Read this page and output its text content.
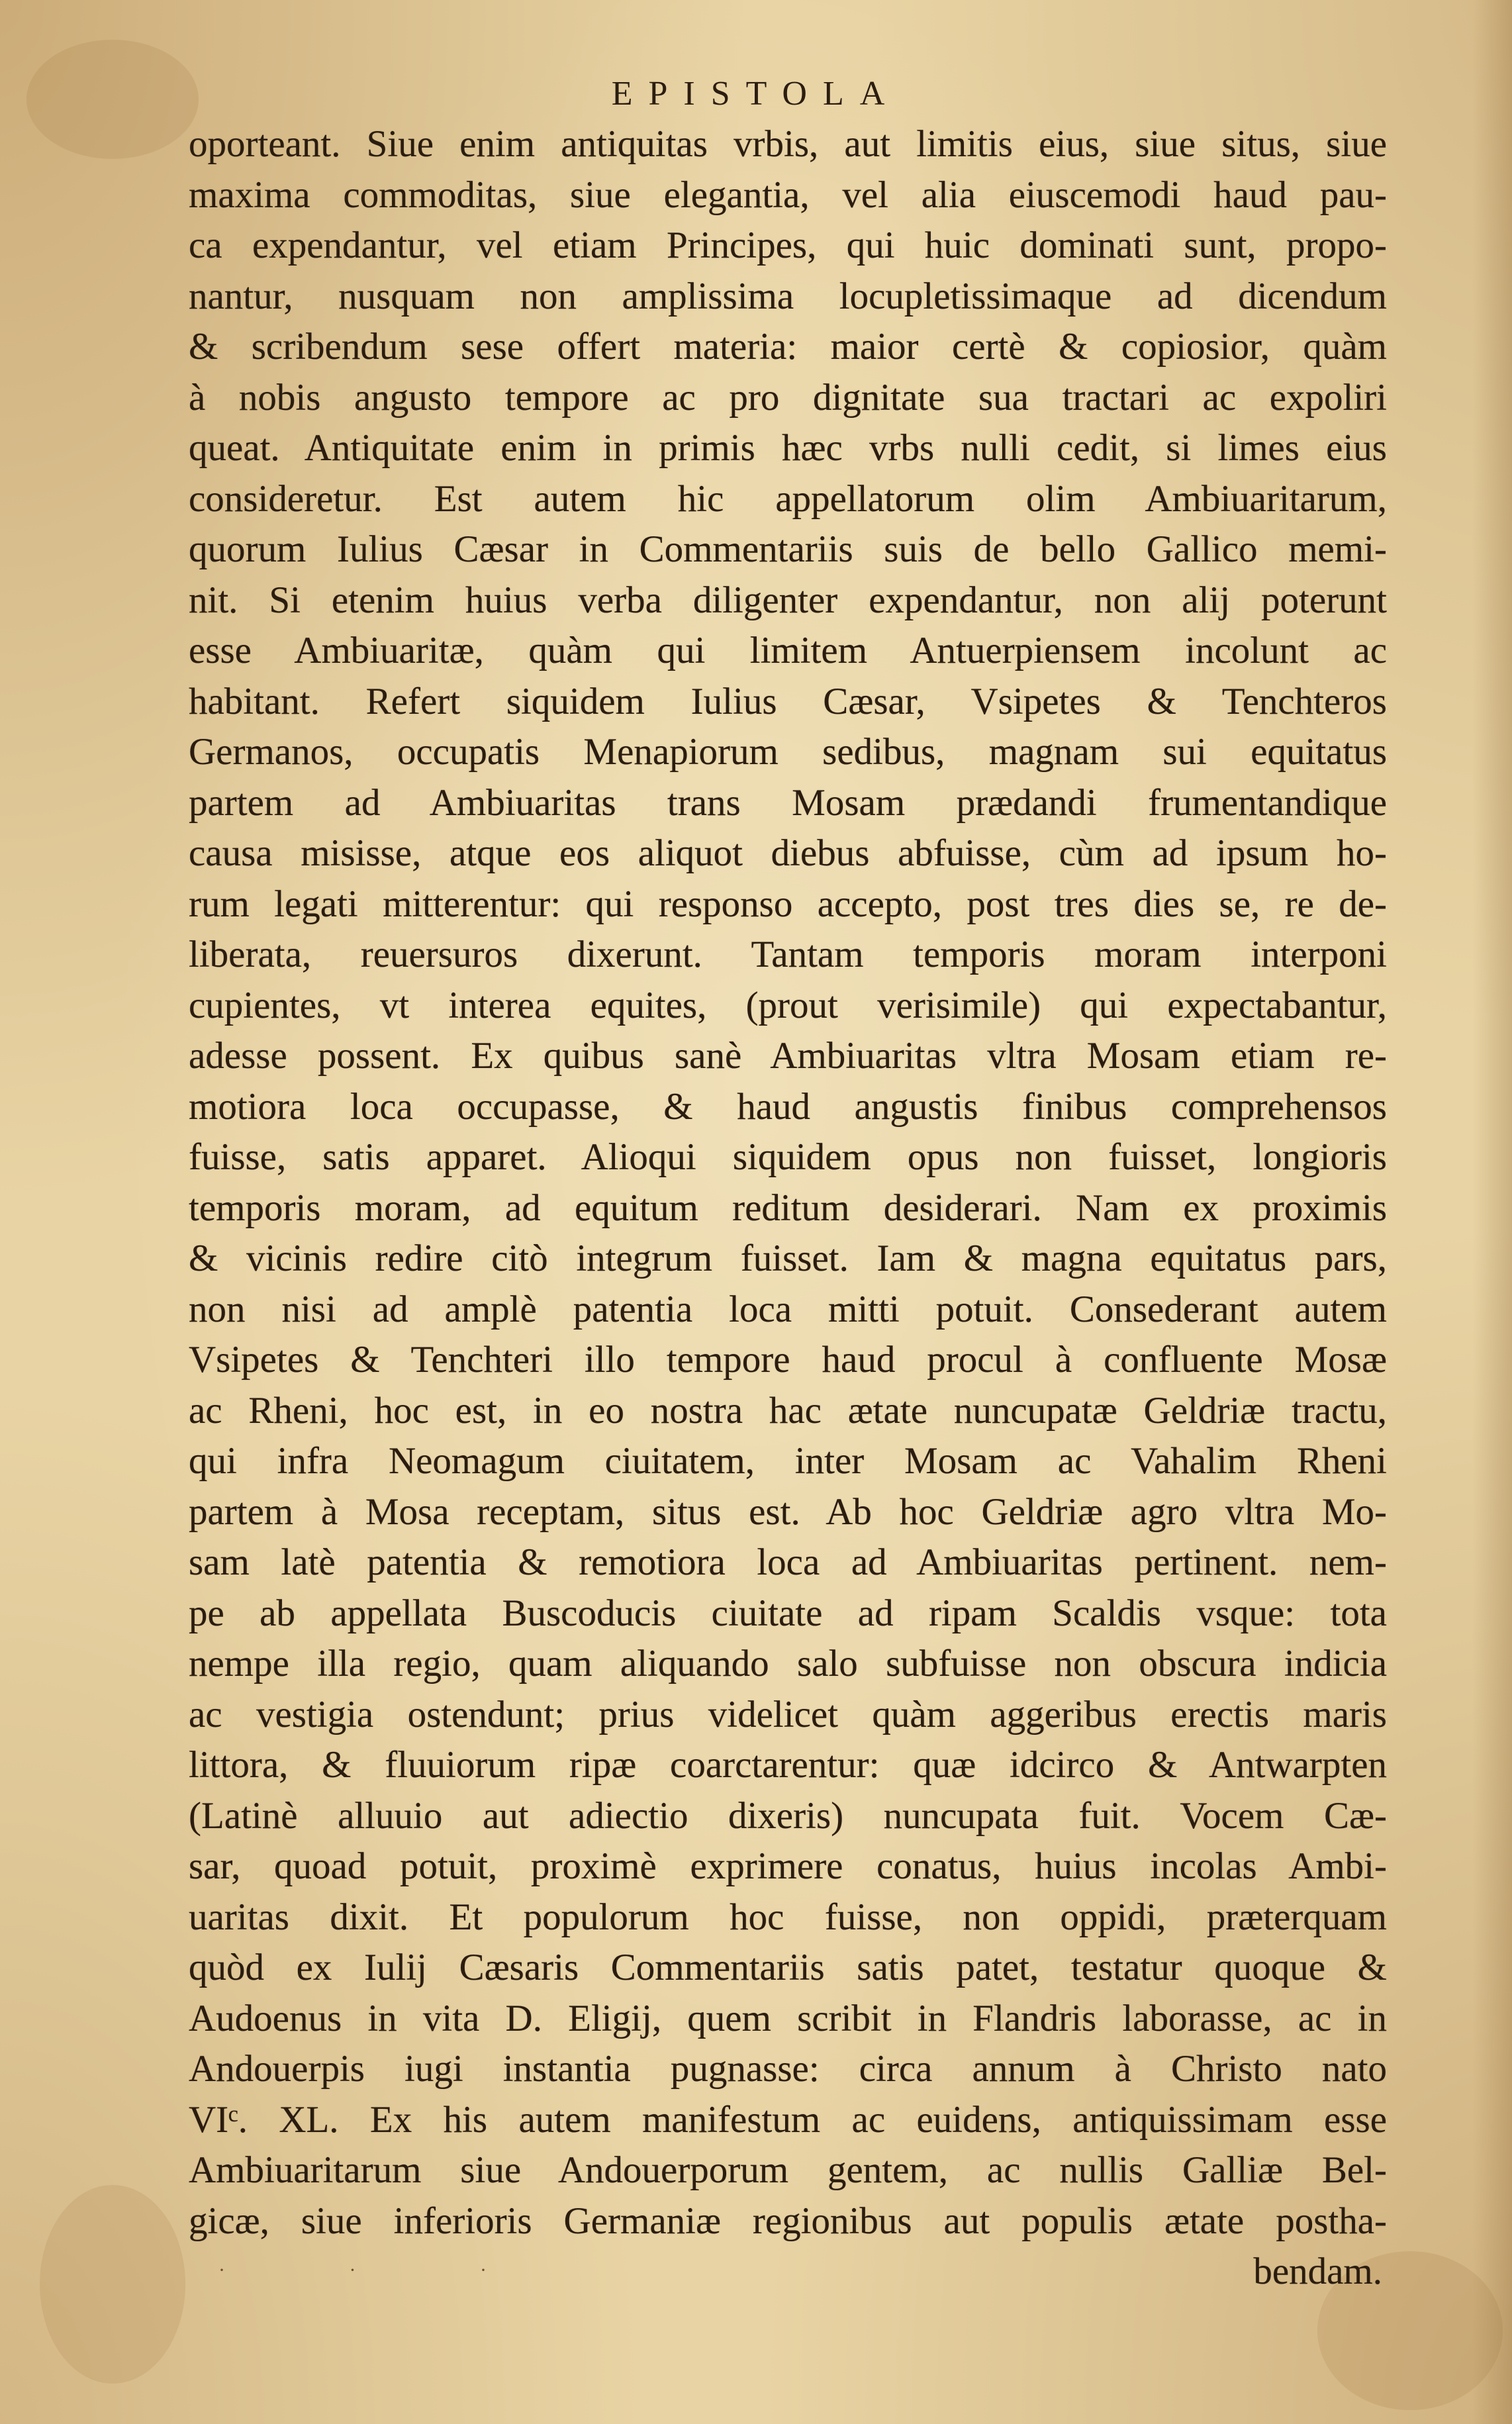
EPISTOLA
oporteant. Siue enim antiquitas vrbis, aut limitis eius, siue situs, siue
maxima commoditas, siue elegantia, vel alia eiuscemodi haud pau-
ca expendantur, vel etiam Principes, qui huic dominati sunt, propo-
nantur, nusquam non amplissima locupletissimaque ad dicendum
& scribendum sese offert materia: maior certè & copiosior, quàm
à nobis angusto tempore ac pro dignitate sua tractari ac expoliri
queat. Antiquitate enim in primis hæc vrbs nulli cedit, si limes eius
consideretur. Est autem hic appellatorum olim Ambiuaritarum,
quorum Iulius Cæsar in Commentariis suis de bello Gallico memi-
nit. Si etenim huius verba diligenter expendantur, non alij poterunt
esse Ambiuaritæ, quàm qui limitem Antuerpiensem incolunt ac
habitant. Refert siquidem Iulius Cæsar, Vsipetes & Tenchteros
Germanos, occupatis Menapiorum sedibus, magnam sui equitatus
partem ad Ambiuaritas trans Mosam prædandi frumentandique
causa misisse, atque eos aliquot diebus abfuisse, cùm ad ipsum ho-
rum legati mitterentur: qui responso accepto, post tres dies se, re de-
liberata, reuersuros dixerunt. Tantam temporis moram interponi
cupientes, vt interea equites, (prout verisimile) qui expectabantur,
adesse possent. Ex quibus sanè Ambiuaritas vltra Mosam etiam re-
motiora loca occupasse, & haud angustis finibus comprehensos
fuisse, satis apparet. Alioqui siquidem opus non fuisset, longioris
temporis moram, ad equitum reditum desiderari. Nam ex proximis
& vicinis redire citò integrum fuisset. Iam & magna equitatus pars,
non nisi ad amplè patentia loca mitti potuit. Consederant autem
Vsipetes & Tenchteri illo tempore haud procul à confluente Mosæ
ac Rheni, hoc est, in eo nostra hac ætate nuncupatæ Geldriæ tractu,
qui infra Neomagum ciuitatem, inter Mosam ac Vahalim Rheni
partem à Mosa receptam, situs est. Ab hoc Geldriæ agro vltra Mo-
sam latè patentia & remotiora loca ad Ambiuaritas pertinent. nem-
pe ab appellata Buscoducis ciuitate ad ripam Scaldis vsque: tota
nempe illa regio, quam aliquando salo subfuisse non obscura indicia
ac vestigia ostendunt; prius videlicet quàm aggeribus erectis maris
littora, & fluuiorum ripæ coarctarentur: quæ idcirco & Antwarpten
(Latinè alluuio aut adiectio dixeris) nuncupata fuit. Vocem Cæ-
sar, quoad potuit, proximè exprimere conatus, huius incolas Ambi-
uaritas dixit. Et populorum hoc fuisse, non oppidi, præterquam
quòd ex Iulij Cæsaris Commentariis satis patet, testatur quoque &
Audoenus in vita D. Eligij, quem scribit in Flandris laborasse, ac in
Andouerpis iugi instantia pugnasse: circa annum à Christo nato
VIᶜ. XL. Ex his autem manifestum ac euidens, antiquissimam esse
Ambiuaritarum siue Andouerporum gentem, ac nullis Galliæ Bel-
gicæ, siue inferioris Germaniæ regionibus aut populis ætate postha-
· · ·	bendam.
